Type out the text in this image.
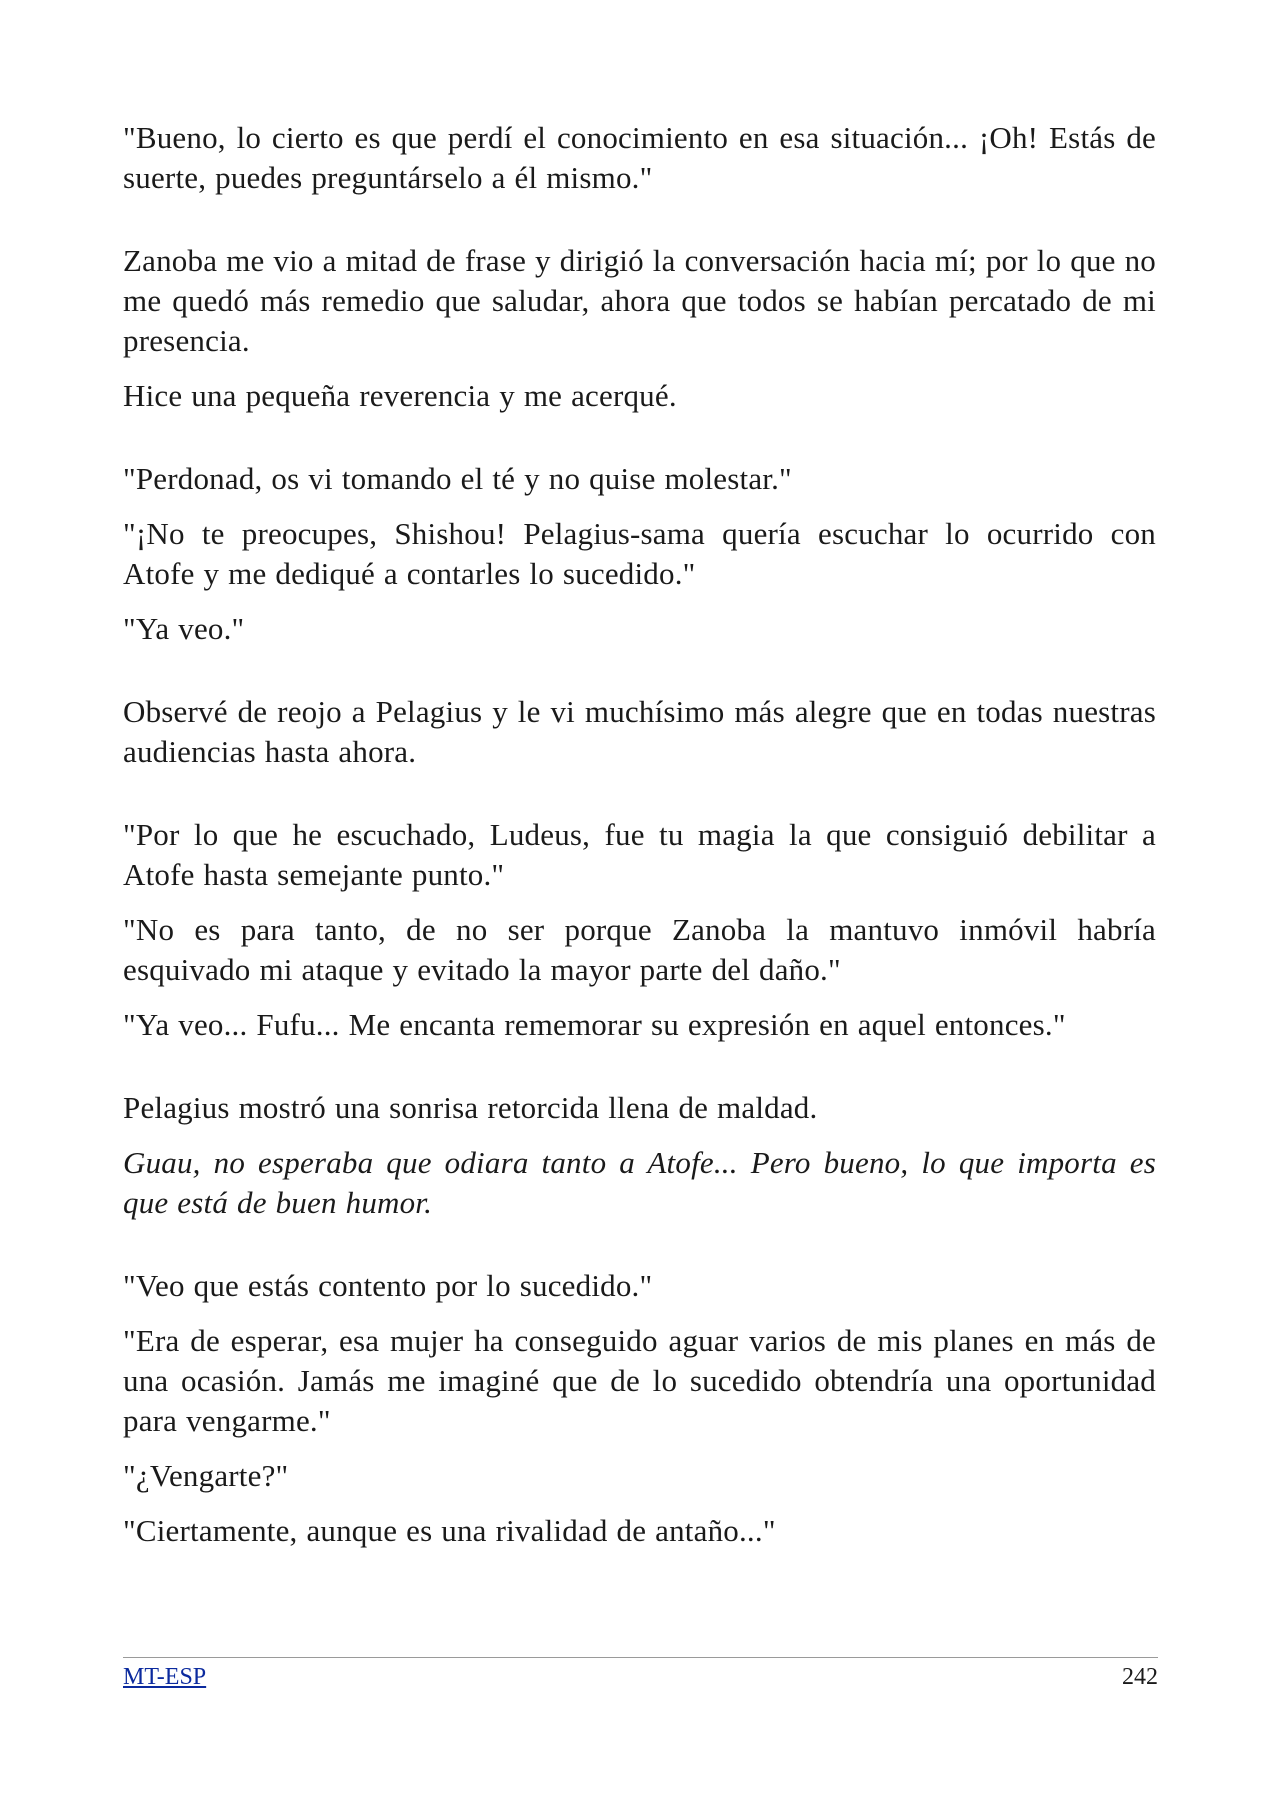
"Bueno, lo cierto es que perdí el conocimiento en esa situación... ¡Oh! Estás de suerte, puedes preguntárselo a él mismo."

Zanoba me vio a mitad de frase y dirigió la conversación hacia mí; por lo que no me quedó más remedio que saludar, ahora que todos se habían percatado de mi presencia.

Hice una pequeña reverencia y me acerqué.

"Perdonad, os vi tomando el té y no quise molestar."

"¡No te preocupes, Shishou! Pelagius-sama quería escuchar lo ocurrido con Atofe y me dediqué a contarles lo sucedido."

"Ya veo."

Observé de reojo a Pelagius y le vi muchísimo más alegre que en todas nuestras audiencias hasta ahora.

"Por lo que he escuchado, Ludeus, fue tu magia la que consiguió debilitar a Atofe hasta semejante punto."

"No es para tanto, de no ser porque Zanoba la mantuvo inmóvil habría esquivado mi ataque y evitado la mayor parte del daño."

"Ya veo... Fufu... Me encanta rememorar su expresión en aquel entonces."

Pelagius mostró una sonrisa retorcida llena de maldad.

Guau, no esperaba que odiara tanto a Atofe... Pero bueno, lo que importa es que está de buen humor.

"Veo que estás contento por lo sucedido."

"Era de esperar, esa mujer ha conseguido aguar varios de mis planes en más de una ocasión. Jamás me imaginé que de lo sucedido obtendría una oportunidad para vengarme."

"¿Vengarte?"

"Ciertamente, aunque es una rivalidad de antaño..."

MT-ESP	242
